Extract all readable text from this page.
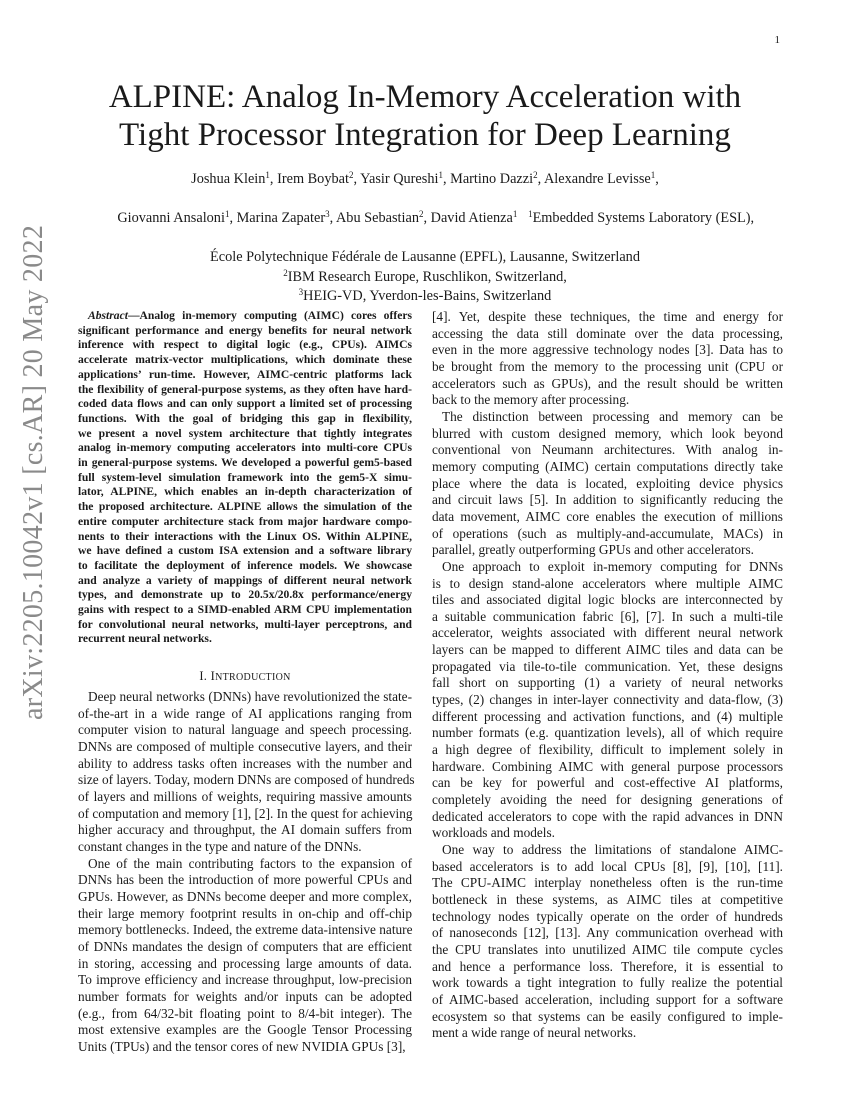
1
arXiv:2205.10042v1 [cs.AR] 20 May 2022
ALPINE: Analog In-Memory Acceleration with
Tight Processor Integration for Deep Learning
Joshua Klein$^1$, Irem Boybat$^2$, Yasir Qureshi$^1$, Martino Dazzi$^2$, Alexandre Levisse$^1$,

Giovanni Ansaloni$^1$, Marina Zapater$^3$, Abu Sebastian$^2$, David Atienza$^1$ $^1$Embedded Systems Laboratory (ESL),

École Polytechnique Fédérale de Lausanne (EPFL), Lausanne, Switzerland
$^2$IBM Research Europe, Ruschlikon, Switzerland,
$^3$HEIG-VD, Yverdon-les-Bains, Switzerland
Abstract—Analog in-memory computing (AIMC) cores offers
significant performance and energy benefits for neural network
inference with respect to digital logic (e.g., CPUs). AIMCs
accelerate matrix-vector multiplications, which dominate these
applications’ run-time. However, AIMC-centric platforms lack
the flexibility of general-purpose systems, as they often have hard-
coded data flows and can only support a limited set of processing
functions. With the goal of bridging this gap in flexibility,
we present a novel system architecture that tightly integrates
analog in-memory computing accelerators into multi-core CPUs
in general-purpose systems. We developed a powerful gem5-based
full system-level simulation framework into the gem5-X simu-
lator, ALPINE, which enables an in-depth characterization of
the proposed architecture. ALPINE allows the simulation of the
entire computer architecture stack from major hardware compo-
nents to their interactions with the Linux OS. Within ALPINE,
we have defined a custom ISA extension and a software library
to facilitate the deployment of inference models. We showcase
and analyze a variety of mappings of different neural network
types, and demonstrate up to 20.5x/20.8x performance/energy
gains with respect to a SIMD-enabled ARM CPU implementation
for convolutional neural networks, multi-layer perceptrons, and
recurrent neural networks.
I. INTRODUCTION
Deep neural networks (DNNs) have revolutionized the state-
of-the-art in a wide range of AI applications ranging from
computer vision to natural language and speech processing.
DNNs are composed of multiple consecutive layers, and their
ability to address tasks often increases with the number and
size of layers. Today, modern DNNs are composed of hundreds
of layers and millions of weights, requiring massive amounts
of computation and memory [1], [2]. In the quest for achieving
higher accuracy and throughput, the AI domain suffers from
constant changes in the type and nature of the DNNs.
One of the main contributing factors to the expansion of
DNNs has been the introduction of more powerful CPUs and
GPUs. However, as DNNs become deeper and more complex,
their large memory footprint results in on-chip and off-chip
memory bottlenecks. Indeed, the extreme data-intensive nature
of DNNs mandates the design of computers that are efficient
in storing, accessing and processing large amounts of data.
To improve efficiency and increase throughput, low-precision
number formats for weights and/or inputs can be adopted
(e.g., from 64/32-bit floating point to 8/4-bit integer). The
most extensive examples are the Google Tensor Processing
Units (TPUs) and the tensor cores of new NVIDIA GPUs [3],
[4]. Yet, despite these techniques, the time and energy for
accessing the data still dominate over the data processing,
even in the more aggressive technology nodes [3]. Data has to
be brought from the memory to the processing unit (CPU or
accelerators such as GPUs), and the result should be written
back to the memory after processing.
The distinction between processing and memory can be
blurred with custom designed memory, which look beyond
conventional von Neumann architectures. With analog in-
memory computing (AIMC) certain computations directly take
place where the data is located, exploiting device physics
and circuit laws [5]. In addition to significantly reducing the
data movement, AIMC core enables the execution of millions
of operations (such as multiply-and-accumulate, MACs) in
parallel, greatly outperforming GPUs and other accelerators.
One approach to exploit in-memory computing for DNNs
is to design stand-alone accelerators where multiple AIMC
tiles and associated digital logic blocks are interconnected by
a suitable communication fabric [6], [7]. In such a multi-tile
accelerator, weights associated with different neural network
layers can be mapped to different AIMC tiles and data can be
propagated via tile-to-tile communication. Yet, these designs
fall short on supporting (1) a variety of neural networks
types, (2) changes in inter-layer connectivity and data-flow, (3)
different processing and activation functions, and (4) multiple
number formats (e.g. quantization levels), all of which require
a high degree of flexibility, difficult to implement solely in
hardware. Combining AIMC with general purpose processors
can be key for powerful and cost-effective AI platforms,
completely avoiding the need for designing generations of
dedicated accelerators to cope with the rapid advances in DNN
workloads and models.
One way to address the limitations of standalone AIMC-
based accelerators is to add local CPUs [8], [9], [10], [11].
The CPU-AIMC interplay nonetheless often is the run-time
bottleneck in these systems, as AIMC tiles at competitive
technology nodes typically operate on the order of hundreds
of nanoseconds [12], [13]. Any communication overhead with
the CPU translates into unutilized AIMC tile compute cycles
and hence a performance loss. Therefore, it is essential to
work towards a tight integration to fully realize the potential
of AIMC-based acceleration, including support for a software
ecosystem so that systems can be easily configured to imple-
ment a wide range of neural networks.
